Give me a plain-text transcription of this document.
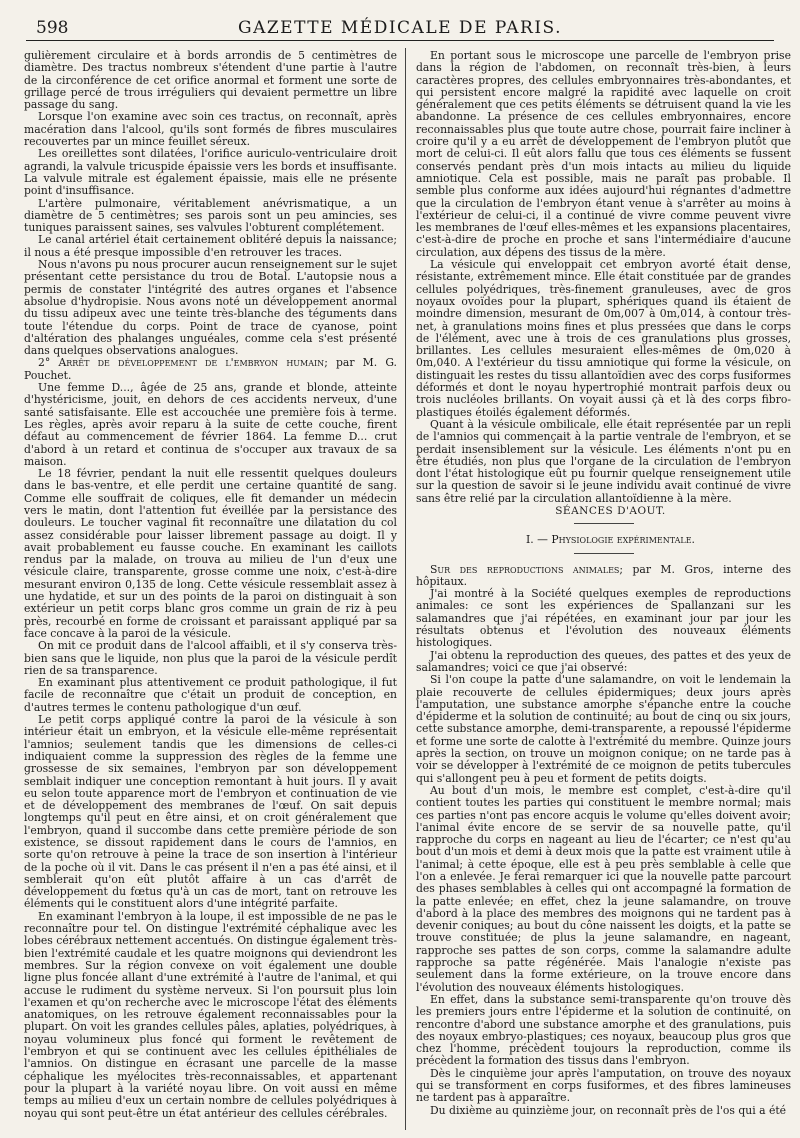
598	GAZETTE MÉDICALE DE PARIS.

gulièrement circulaire et à bords arrondis de 5 centimètres de diamètre. Des tractus nombreux s'étendent d'une partie à l'autre de la circonférence de cet orifice anormal et forment une sorte de grillage percé de trous irréguliers qui devaient permettre un libre passage du sang.

Lorsque l'on examine avec soin ces tractus, on reconnaît, après macération dans l'alcool, qu'ils sont formés de fibres musculaires recouvertes par un mince feuillet séreux.

Les oreillettes sont dilatées, l'orifice auriculo-ventriculaire droit agrandi, la valvule tricuspide épaissie vers les bords et insuffisante. La valvule mitrale est également épaissie, mais elle ne présente point d'insuffisance.

L'artère pulmonaire, véritablement anévrismatique, a un diamètre de 5 centimètres; ses parois sont un peu amincies, ses tuniques paraissent saines, ses valvules l'obturent complétement.

Le canal artériel était certainement oblitéré depuis la naissance; il nous a été presque impossible d'en retrouver les traces.

Nous n'avons pu nous procurer aucun renseignement sur le sujet présentant cette persistance du trou de Botal. L'autopsie nous a permis de constater l'intégrité des autres organes et l'absence absolue d'hydropisie. Nous avons noté un développement anormal du tissu adipeux avec une teinte très-blanche des téguments dans toute l'étendue du corps. Point de trace de cyanose, point d'altération des phalanges unguéales, comme cela s'est présenté dans quelques observations analogues.

2° Arrêt de développement de l'embryon humain; par M. G. Pouchet.

Une femme D..., âgée de 25 ans, grande et blonde, atteinte d'hystéricisme, jouit, en dehors de ces accidents nerveux, d'une santé satisfaisante. Elle est accouchée une première fois à terme. Les règles, après avoir reparu à la suite de cette couche, firent défaut au commencement de février 1864. La femme D... crut d'abord à un retard et continua de s'occuper aux travaux de sa maison.

Le 18 février, pendant la nuit elle ressentit quelques douleurs dans le bas-ventre, et elle perdit une certaine quantité de sang. Comme elle souffrait de coliques, elle fit demander un médecin vers le matin, dont l'attention fut éveillée par la persistance des douleurs. Le toucher vaginal fit reconnaître une dilatation du col assez considérable pour laisser librement passage au doigt. Il y avait probablement eu fausse couche. En examinant les caillots rendus par la malade, on trouva au milieu de l'un d'eux une vésicule claire, transparente, grosse comme une noix, c'est-à-dire mesurant environ 0,135 de long. Cette vésicule ressemblait assez à une hydatide, et sur un des points de la paroi on distinguait à son extérieur un petit corps blanc gros comme un grain de riz à peu près, recourbé en forme de croissant et paraissant appliqué par sa face concave à la paroi de la vésicule.

On mit ce produit dans de l'alcool affaibli, et il s'y conserva très-bien sans que le liquide, non plus que la paroi de la vésicule perdît rien de sa transparence.

En examinant plus attentivement ce produit pathologique, il fut facile de reconnaître que c'était un produit de conception, en d'autres termes le contenu pathologique d'un œuf.

Le petit corps appliqué contre la paroi de la vésicule à son intérieur était un embryon, et la vésicule elle-même représentait l'amnios; seulement tandis que les dimensions de celles-ci indiquaient comme la suppression des règles de la femme une grossesse de six semaines, l'embryon par son développement semblait indiquer une conception remontant à huit jours. Il y avait eu selon toute apparence mort de l'embryon et continuation de vie et de développement des membranes de l'œuf. On sait depuis longtemps qu'il peut en être ainsi, et on croit généralement que l'embryon, quand il succombe dans cette première période de son existence, se dissout rapidement dans le cours de l'amnios, en sorte qu'on retrouve à peine la trace de son insertion à l'intérieur de la poche où il vit. Dans le cas présent il n'en a pas été ainsi, et il semblerait qu'on eût plutôt affaire à un cas d'arrêt de développement du fœtus qu'à un cas de mort, tant on retrouve les éléments qui le constituent alors d'une intégrité parfaite.

En examinant l'embryon à la loupe, il est impossible de ne pas le reconnaître pour tel. On distingue l'extrémité céphalique avec les lobes cérébraux nettement accentués. On distingue également très-bien l'extrémité caudale et les quatre moignons qui deviendront les membres. Sur la région convexe on voit également une double ligne plus foncée allant d'une extrémité à l'autre de l'animal, et qui accuse le rudiment du système nerveux. Si l'on poursuit plus loin l'examen et qu'on recherche avec le microscope l'état des éléments anatomiques, on les retrouve également reconnaissables pour la plupart. On voit les grandes cellules pâles, aplaties, polyédriques, à noyau volumineux plus foncé qui forment le revêtement de l'embryon et qui se continuent avec les cellules épithéliales de l'amnios. On distingue en écrasant une parcelle de la masse céphalique les myélocites très-reconnaissables, et appartenant pour la plupart à la variété noyau libre. On voit aussi en même temps au milieu d'eux un certain nombre de cellules polyédriques à noyau qui sont peut-être un état antérieur des cellules cérébrales.

En portant sous le microscope une parcelle de l'embryon prise dans la région de l'abdomen, on reconnaît très-bien, à leurs caractères propres, des cellules embryonnaires très-abondantes, et qui persistent encore malgré la rapidité avec laquelle on croit généralement que ces petits éléments se détruisent quand la vie les abandonne. La présence de ces cellules embryonnaires, encore reconnaissables plus que toute autre chose, pourrait faire incliner à croire qu'il y a eu arrêt de développement de l'embryon plutôt que mort de celui-ci. Il eût alors fallu que tous ces éléments se fussent conservés pendant près d'un mois intacts au milieu du liquide amniotique. Cela est possible, mais ne paraît pas probable. Il semble plus conforme aux idées aujourd'hui régnantes d'admettre que la circulation de l'embryon étant venue à s'arrêter au moins à l'extérieur de celui-ci, il a continué de vivre comme peuvent vivre les membranes de l'œuf elles-mêmes et les expansions placentaires, c'est-à-dire de proche en proche et sans l'intermédiaire d'aucune circulation, aux dépens des tissus de la mère.

La vésicule qui enveloppait cet embryon avorté était dense, résistante, extrêmement mince. Elle était constituée par de grandes cellules polyédriques, très-finement granuleuses, avec de gros noyaux ovoïdes pour la plupart, sphériques quand ils étaient de moindre dimension, mesurant de 0m,007 à 0m,014, à contour très-net, à granulations moins fines et plus pressées que dans le corps de l'élément, avec une à trois de ces granulations plus grosses, brillantes. Les cellules mesuraient elles-mêmes de 0m,020 à 0m,040. A l'extérieur du tissu amniotique qui forme la vésicule, on distinguait les restes du tissu allantoïdien avec des corps fusiformes déformés et dont le noyau hypertrophié montrait parfois deux ou trois nucléoles brillants. On voyait aussi çà et là des corps fibro-plastiques étoilés également déformés.

Quant à la vésicule ombilicale, elle était représentée par un repli de l'amnios qui commençait à la partie ventrale de l'embryon, et se perdait insensiblement sur la vésicule. Les éléments n'ont pu en être étudiés, non plus que l'organe de la circulation de l'embryon dont l'état histologique eût pu fournir quelque renseignement utile sur la question de savoir si le jeune individu avait continué de vivre sans être relié par la circulation allantoïdienne à la mère.

SÉANCES D'AOUT.

I. — Physiologie expérimentale.

Sur des reproductions animales; par M. Gros, interne des hôpitaux.

J'ai montré à la Société quelques exemples de reproductions animales: ce sont les expériences de Spallanzani sur les salamandres que j'ai répétées, en examinant jour par jour les résultats obtenus et l'évolution des nouveaux éléments histologiques.

J'ai obtenu la reproduction des queues, des pattes et des yeux de salamandres; voici ce que j'ai observé:

Si l'on coupe la patte d'une salamandre, on voit le lendemain la plaie recouverte de cellules épidermiques; deux jours après l'amputation, une substance amorphe s'épanche entre la couche d'épiderme et la solution de continuité; au bout de cinq ou six jours, cette substance amorphe, demi-transparente, a repoussé l'épiderme et forme une sorte de calotte à l'extrémité du membre. Quinze jours après la section, on trouve un moignon conique; on ne tarde pas à voir se développer à l'extrémité de ce moignon de petits tubercules qui s'allongent peu à peu et forment de petits doigts.

Au bout d'un mois, le membre est complet, c'est-à-dire qu'il contient toutes les parties qui constituent le membre normal; mais ces parties n'ont pas encore acquis le volume qu'elles doivent avoir; l'animal évite encore de se servir de sa nouvelle patte, qu'il rapproche du corps en nageant au lieu de l'écarter; ce n'est qu'au bout d'un mois et demi à deux mois que la patte est vraiment utile à l'animal; à cette époque, elle est à peu près semblable à celle que l'on a enlevée. Je ferai remarquer ici que la nouvelle patte parcourt des phases semblables à celles qui ont accompagné la formation de la patte enlevée; en effet, chez la jeune salamandre, on trouve d'abord à la place des membres des moignons qui ne tardent pas à devenir coniques; au bout du cône naissent les doigts, et la patte se trouve constituée; de plus la jeune salamandre, en nageant, rapproche ses pattes de son corps, comme la salamandre adulte rapproche sa patte régénérée. Mais l'analogie n'existe pas seulement dans la forme extérieure, on la trouve encore dans l'évolution des nouveaux éléments histologiques.

En effet, dans la substance semi-transparente qu'on trouve dès les premiers jours entre l'épiderme et la solution de continuité, on rencontre d'abord une substance amorphe et des granulations, puis des noyaux embryo-plastiques; ces noyaux, beaucoup plus gros que chez l'homme, précèdent toujours la reproduction, comme ils précèdent la formation des tissus dans l'embryon.

Dès le cinquième jour après l'amputation, on trouve des noyaux qui se transforment en corps fusiformes, et des fibres lamineuses ne tardent pas à apparaître.

Du dixième au quinzième jour, on reconnaît près de l'os qui a été
